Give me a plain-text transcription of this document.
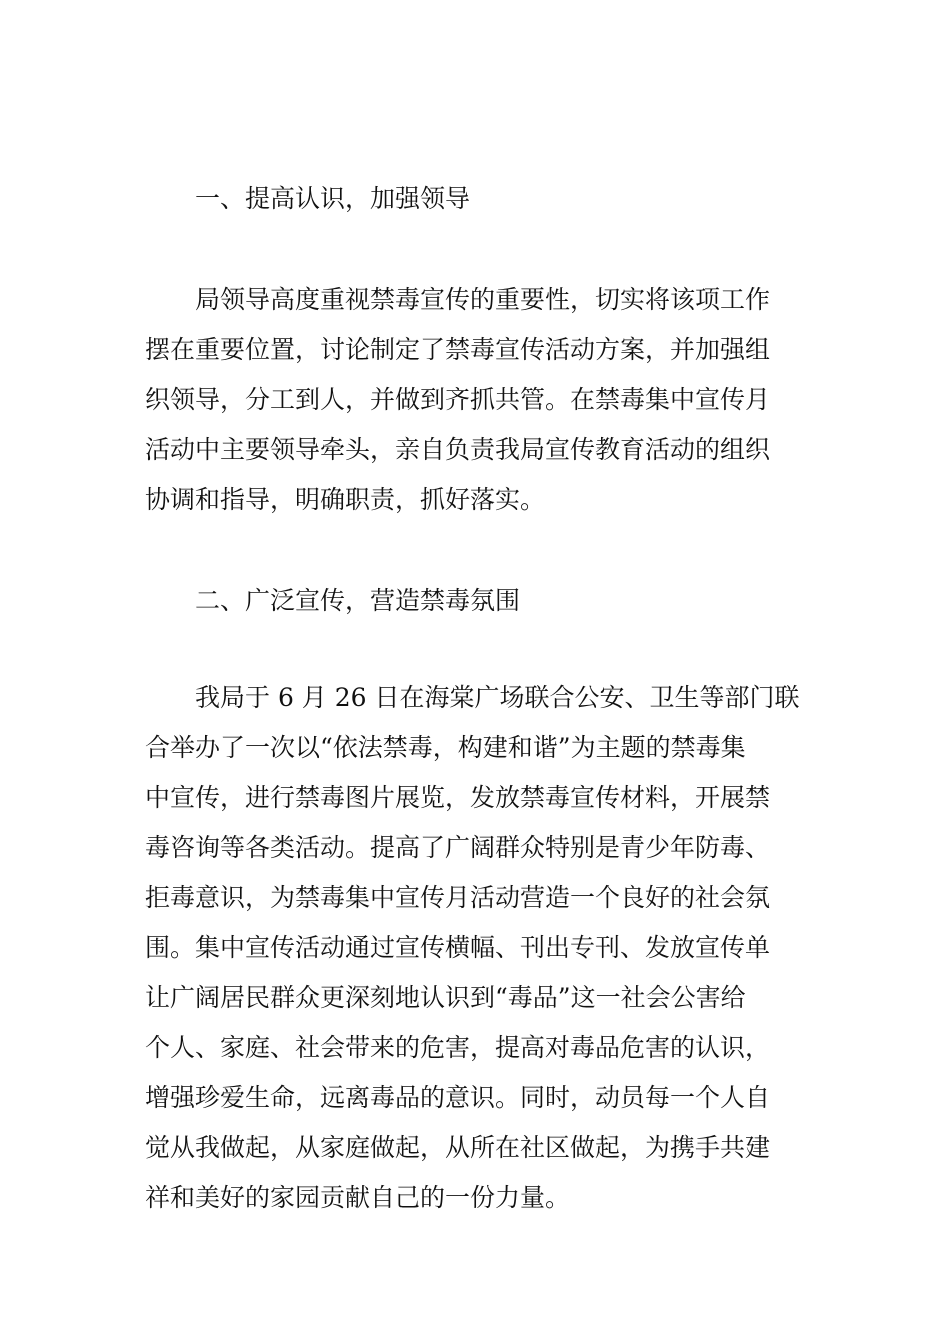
一、提高认识，加强领导
局领导高度重视禁毒宣传的重要性，切实将该项工作
摆在重要位置，讨论制定了禁毒宣传活动方案，并加强组
织领导，分工到人，并做到齐抓共管。在禁毒集中宣传月
活动中主要领导牵头，亲自负责我局宣传教育活动的组织
协调和指导，明确职责，抓好落实。
二、广泛宣传，营造禁毒氛围
我局于 6 月 26 日在海棠广场联合公安、卫生等部门联
合举办了一次以“依法禁毒，构建和谐”为主题的禁毒集
中宣传，进行禁毒图片展览，发放禁毒宣传材料，开展禁
毒咨询等各类活动。提高了广阔群众特别是青少年防毒、
拒毒意识，为禁毒集中宣传月活动营造一个良好的社会氛
围。集中宣传活动通过宣传横幅、刊出专刊、发放宣传单
让广阔居民群众更深刻地认识到“毒品”这一社会公害给
个人、家庭、社会带来的危害，提高对毒品危害的认识，
增强珍爱生命，远离毒品的意识。同时，动员每一个人自
觉从我做起，从家庭做起，从所在社区做起，为携手共建
祥和美好的家园贡献自己的一份力量。
